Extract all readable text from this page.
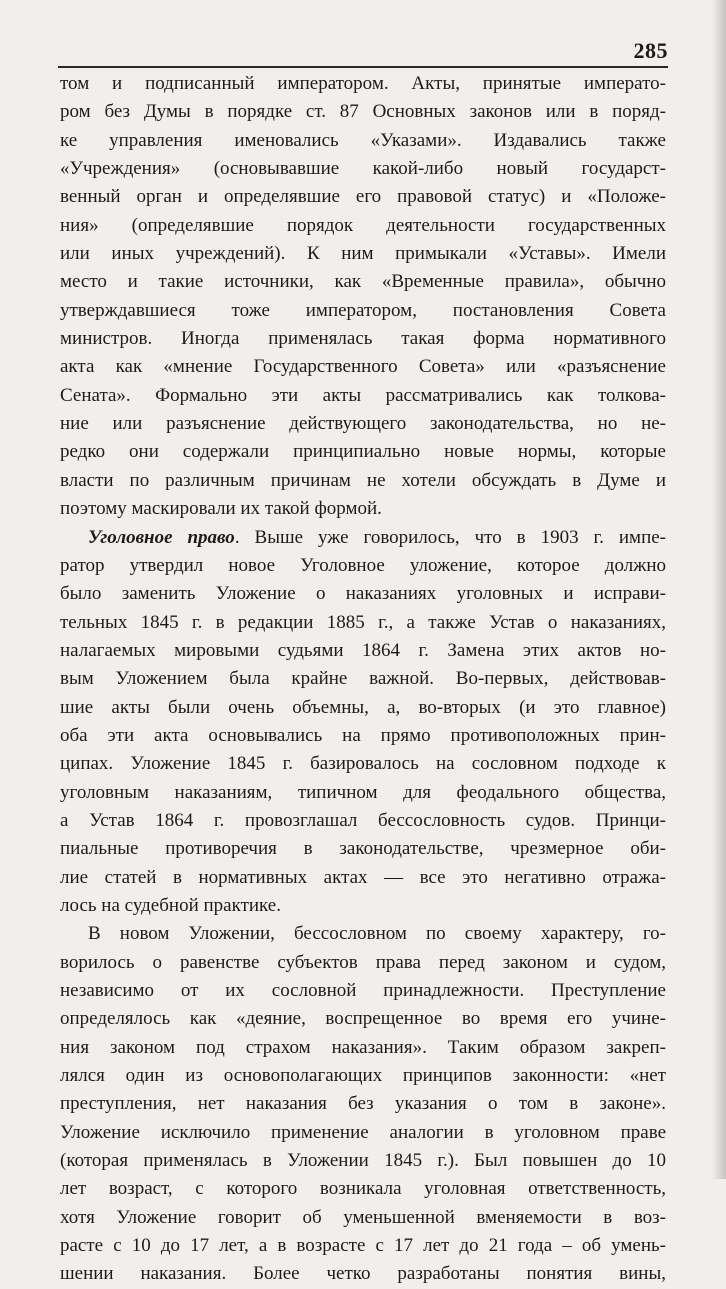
285
том и подписанный императором. Акты, принятые императо-
ром без Думы в порядке ст. 87 Основных законов или в поряд-
ке управления именовались «Указами». Издавались также
«Учреждения» (основывавшие какой-либо новый государст-
венный орган и определявшие его правовой статус) и «Положе-
ния» (определявшие порядок деятельности государственных
или иных учреждений). К ним примыкали «Уставы». Имели
место и такие источники, как «Временные правила», обычно
утверждавшиеся тоже императором, постановления Совета
министров. Иногда применялась такая форма нормативного
акта как «мнение Государственного Совета» или «разъяснение
Сената». Формально эти акты рассматривались как толкова-
ние или разъяснение действующего законодательства, но не-
редко они содержали принципиально новые нормы, которые
власти по различным причинам не хотели обсуждать в Думе и
поэтому маскировали их такой формой.
Уголовное право. Выше уже говорилось, что в 1903 г. импе-
ратор утвердил новое Уголовное уложение, которое должно
было заменить Уложение о наказаниях уголовных и исправи-
тельных 1845 г. в редакции 1885 г., а также Устав о наказаниях,
налагаемых мировыми судьями 1864 г. Замена этих актов но-
вым Уложением была крайне важной. Во-первых, действовав-
шие акты были очень объемны, а, во-вторых (и это главное)
оба эти акта основывались на прямо противоположных прин-
ципах. Уложение 1845 г. базировалось на сословном подходе к
уголовным наказаниям, типичном для феодального общества,
а Устав 1864 г. провозглашал бессословность судов. Принци-
пиальные противоречия в законодательстве, чрезмерное оби-
лие статей в нормативных актах — все это негативно отража-
лось на судебной практике.
В новом Уложении, бессословном по своему характеру, го-
ворилось о равенстве субъектов права перед законом и судом,
независимо от их сословной принадлежности. Преступление
определялось как «деяние, воспрещенное во время его учине-
ния законом под страхом наказания». Таким образом закреп-
лялся один из основополагающих принципов законности: «нет
преступления, нет наказания без указания о том в законе».
Уложение исключило применение аналогии в уголовном праве
(которая применялась в Уложении 1845 г.). Был повышен до 10
лет возраст, с которого возникала уголовная ответственность,
хотя Уложение говорит об уменьшенной вменяемости в воз-
расте с 10 до 17 лет, а в возрасте с 17 лет до 21 года – об умень-
шении наказания. Более четко разработаны понятия вины,
